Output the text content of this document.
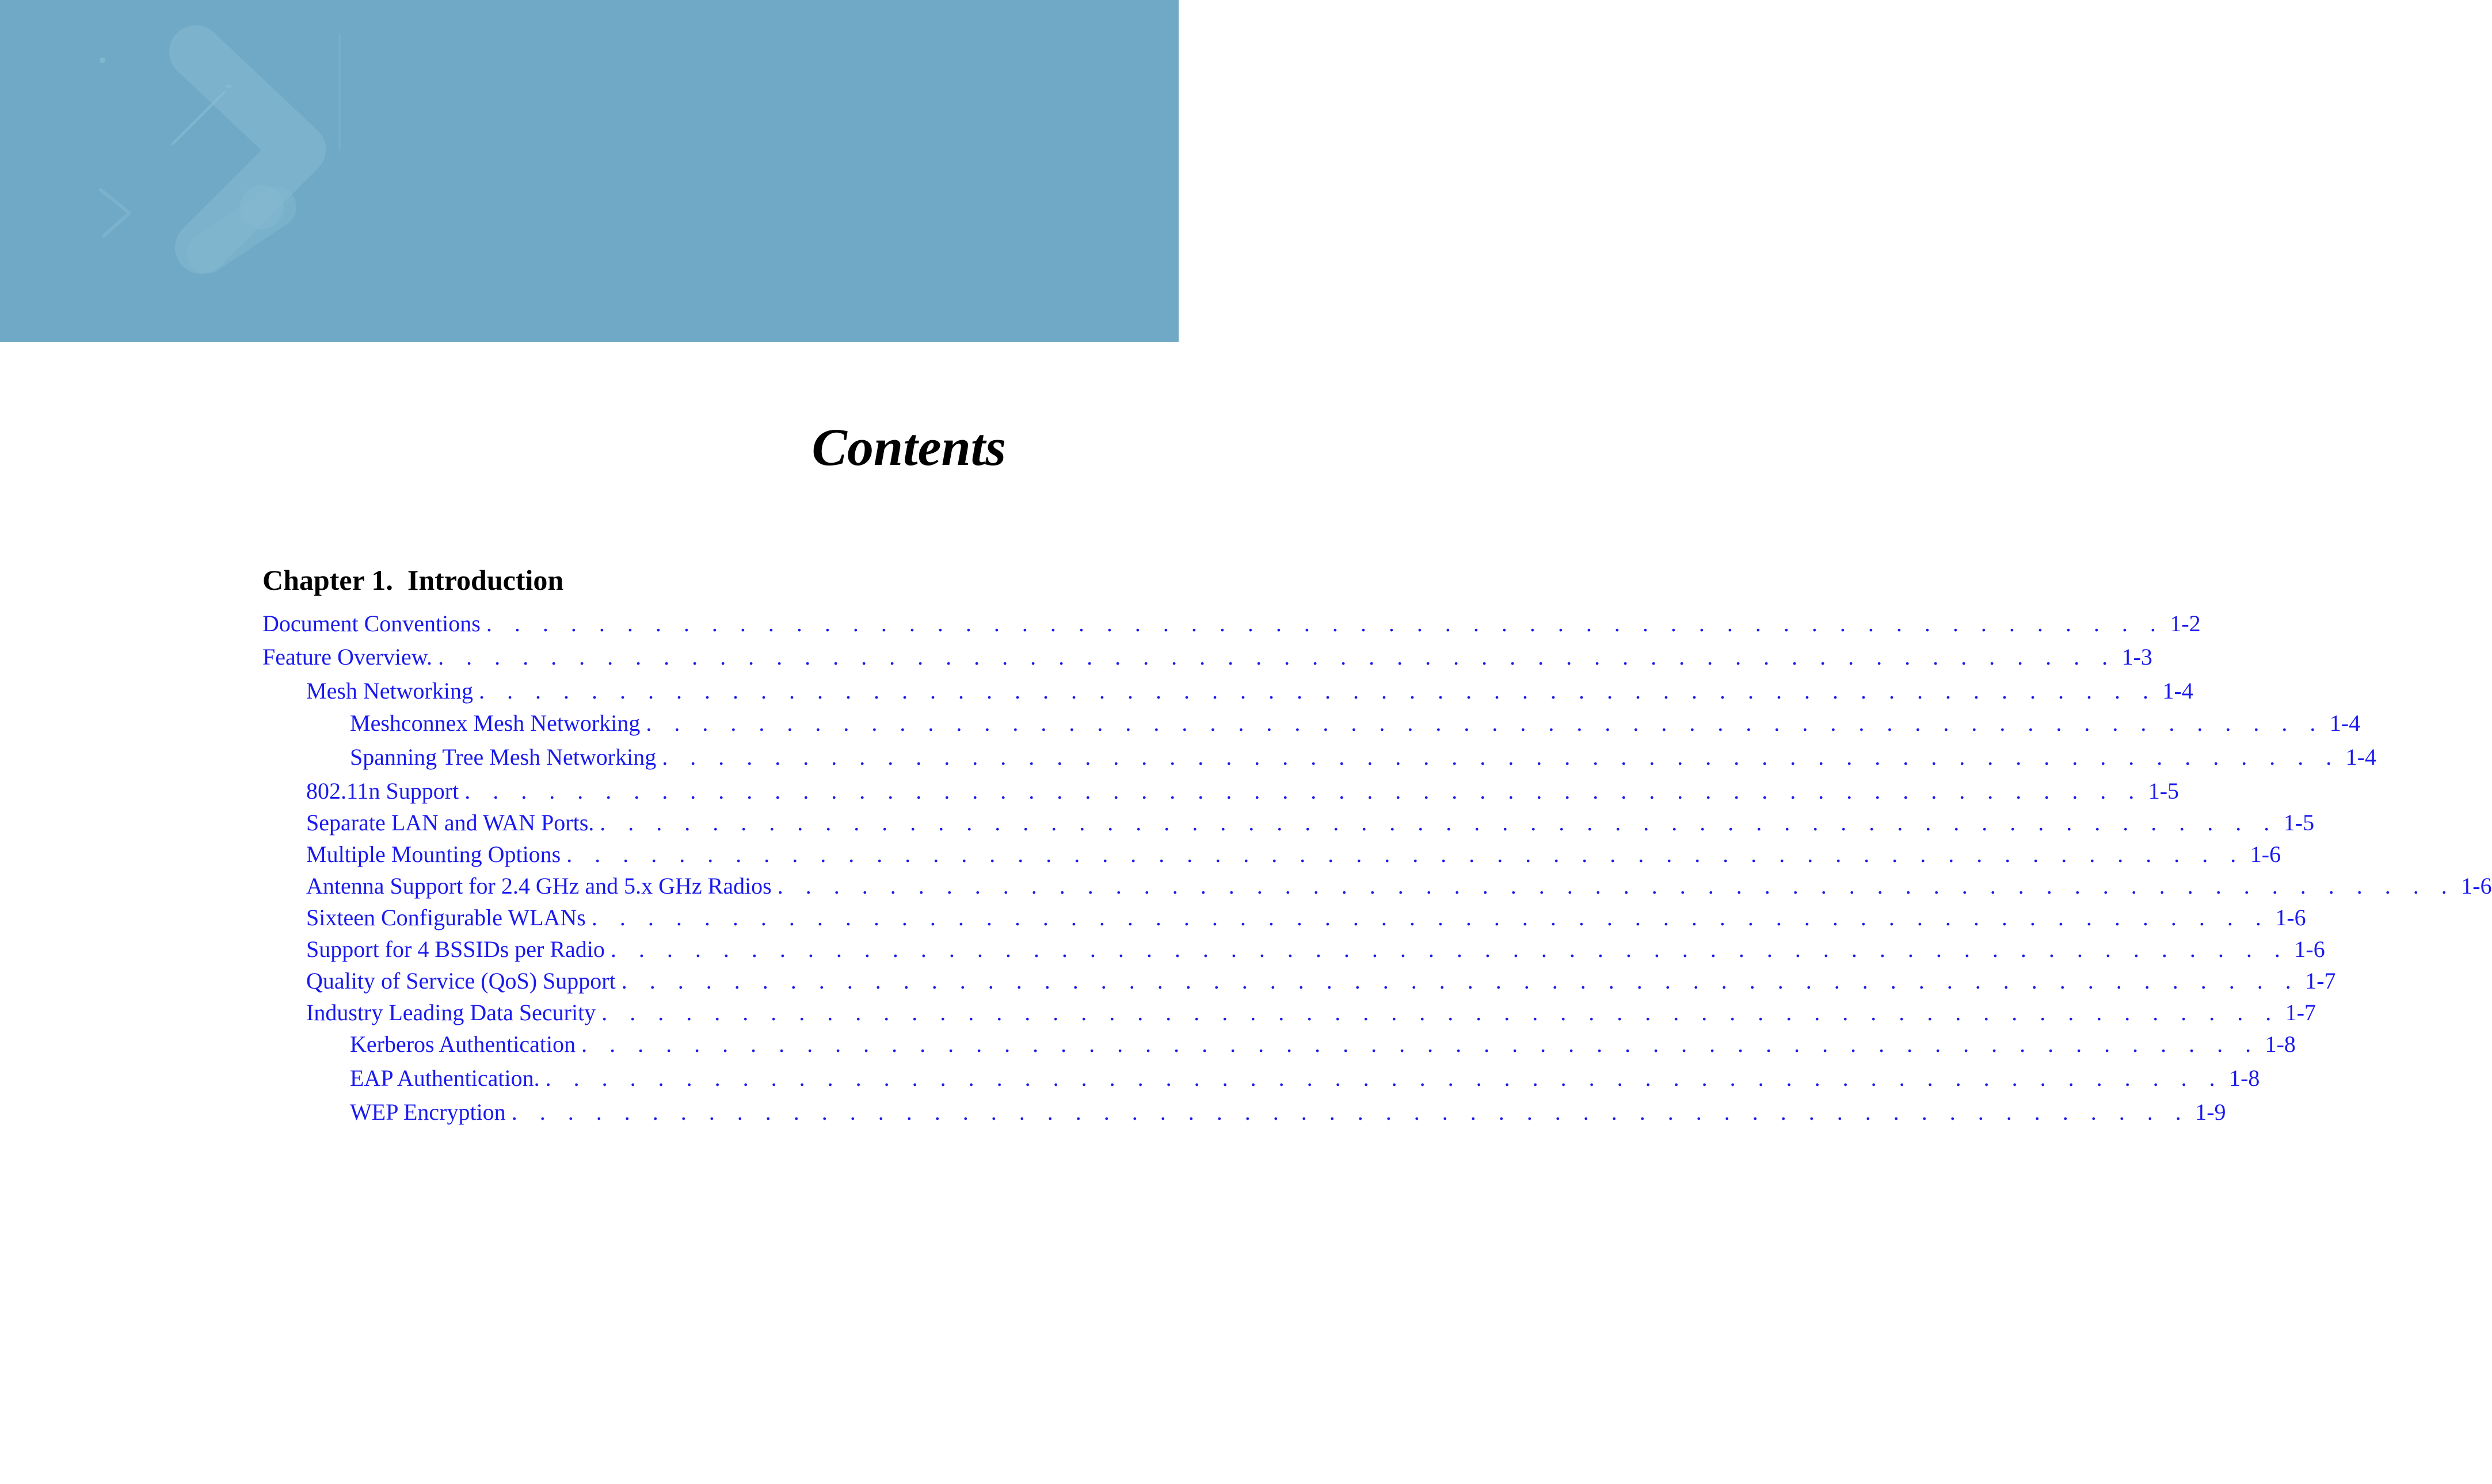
Contents
Chapter 1.  Introduction
Document Conventions . . . . . . . . . . . . . . . . . . . . . . . . . . . . . . . . . . . . . . . . . . . . . . . . . . . . . . . . . . . . 1-2
Feature Overview. . . . . . . . . . . . . . . . . . . . . . . . . . . . . . . . . . . . . . . . . . . . . . . . . . . . . . . . . . . . . 1-3
Mesh Networking . . . . . . . . . . . . . . . . . . . . . . . . . . . . . . . . . . . . . . . . . . . . . . . . . . . . . . . . . . . . 1-4
Meshconnex Mesh Networking . . . . . . . . . . . . . . . . . . . . . . . . . . . . . . . . . . . . . . . . . . . . . . . . . . . . . . . . . . . . 1-4
Spanning Tree Mesh Networking . . . . . . . . . . . . . . . . . . . . . . . . . . . . . . . . . . . . . . . . . . . . . . . . . . . . . . . . . . . . 1-4
802.11n Support . . . . . . . . . . . . . . . . . . . . . . . . . . . . . . . . . . . . . . . . . . . . . . . . . . . . . . . . . . . . 1-5
Separate LAN and WAN Ports. . . . . . . . . . . . . . . . . . . . . . . . . . . . . . . . . . . . . . . . . . . . . . . . . . . . . . . . . . . . . 1-5
Multiple Mounting Options . . . . . . . . . . . . . . . . . . . . . . . . . . . . . . . . . . . . . . . . . . . . . . . . . . . . . . . . . . . . 1-6
Antenna Support for 2.4 GHz and 5.x GHz Radios . . . . . . . . . . . . . . . . . . . . . . . . . . . . . . . . . . . . . . . . . . . . . . . . . . . . . . . . . . . . 1-6
Sixteen Configurable WLANs . . . . . . . . . . . . . . . . . . . . . . . . . . . . . . . . . . . . . . . . . . . . . . . . . . . . . . . . . . . . 1-6
Support for 4 BSSIDs per Radio . . . . . . . . . . . . . . . . . . . . . . . . . . . . . . . . . . . . . . . . . . . . . . . . . . . . . . . . . . . . 1-6
Quality of Service (QoS) Support . . . . . . . . . . . . . . . . . . . . . . . . . . . . . . . . . . . . . . . . . . . . . . . . . . . . . . . . . . . . 1-7
Industry Leading Data Security . . . . . . . . . . . . . . . . . . . . . . . . . . . . . . . . . . . . . . . . . . . . . . . . . . . . . . . . . . . . 1-7
Kerberos Authentication . . . . . . . . . . . . . . . . . . . . . . . . . . . . . . . . . . . . . . . . . . . . . . . . . . . . . . . . . . . . 1-8
EAP Authentication. . . . . . . . . . . . . . . . . . . . . . . . . . . . . . . . . . . . . . . . . . . . . . . . . . . . . . . . . . . . . 1-8
WEP Encryption . . . . . . . . . . . . . . . . . . . . . . . . . . . . . . . . . . . . . . . . . . . . . . . . . . . . . . . . . . . . 1-9
